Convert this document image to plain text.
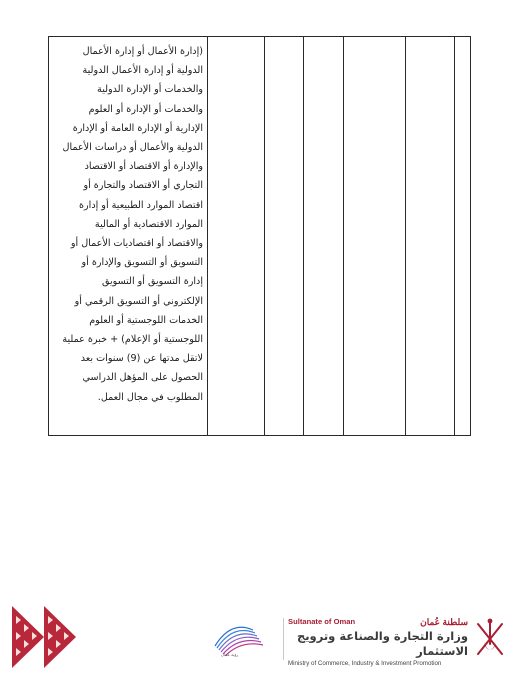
(إدارة الأعمال أو إدارة الأعمال
الدولية أو إدارة الأعمال الدولية
والخدمات أو الإدارة الدولية
والخدمات أو الإدارة أو العلوم
الإدارية أو الإدارة العامة أو الإدارة
الدولية والأعمال أو دراسات الأعمال
والإدارة أو الاقتصاد أو الاقتصاد
التجاري أو الاقتصاد والتجارة أو
اقتصاد الموارد الطبيعية أو إدارة
الموارد الاقتصادية أو المالية
والاقتصاد أو اقتصاديات الأعمال أو
التسويق أو التسويق والإدارة أو
إدارة التسويق أو التسويق
الإلكتروني أو التسويق الرقمي أو
الخدمات اللوجستية أو العلوم
اللوجستية أو الإعلام) + خبرة عملية
لاتقل مدتها عن (9) سنوات بعد
الحصول على المؤهل الدراسي
المطلوب في مجال العمل.
رؤية عُمان
Sultanate of Oman	سلطنة عُمان
وزارة التجارة والصناعة وترويج الاستثمار
Ministry of Commerce, Industry & Investment Promotion
